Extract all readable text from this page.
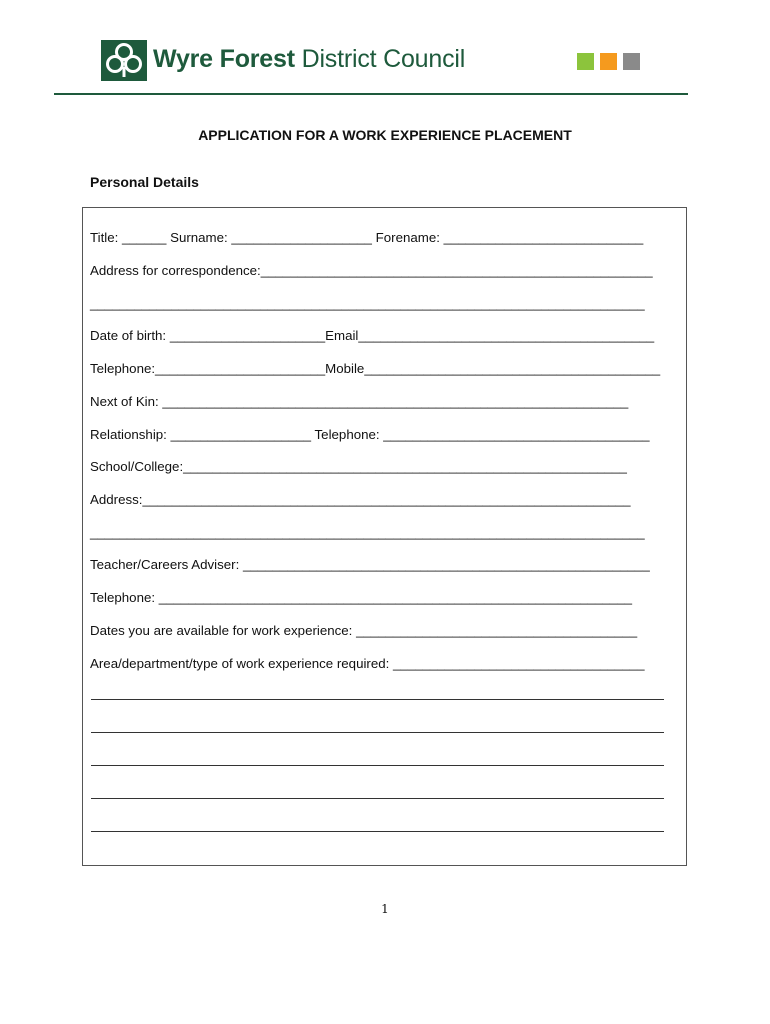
Wyre Forest District Council
APPLICATION FOR A WORK EXPERIENCE PLACEMENT
Personal Details
Title: ______ Surname: ___________________ Forename: ___________________________
Address for correspondence:_____________________________________________________
___________________________________________________________________________
Date of birth: _____________________Email________________________________________
Telephone:_______________________Mobile________________________________________
Next of Kin: _______________________________________________________________
Relationship: ___________________ Telephone: ____________________________________
School/College:____________________________________________________________
Address:__________________________________________________________________
___________________________________________________________________________
Teacher/Careers Adviser: _______________________________________________________
Telephone: ________________________________________________________________
Dates you are available for work experience: ______________________________________
Area/department/type of work experience required: __________________________________
1
